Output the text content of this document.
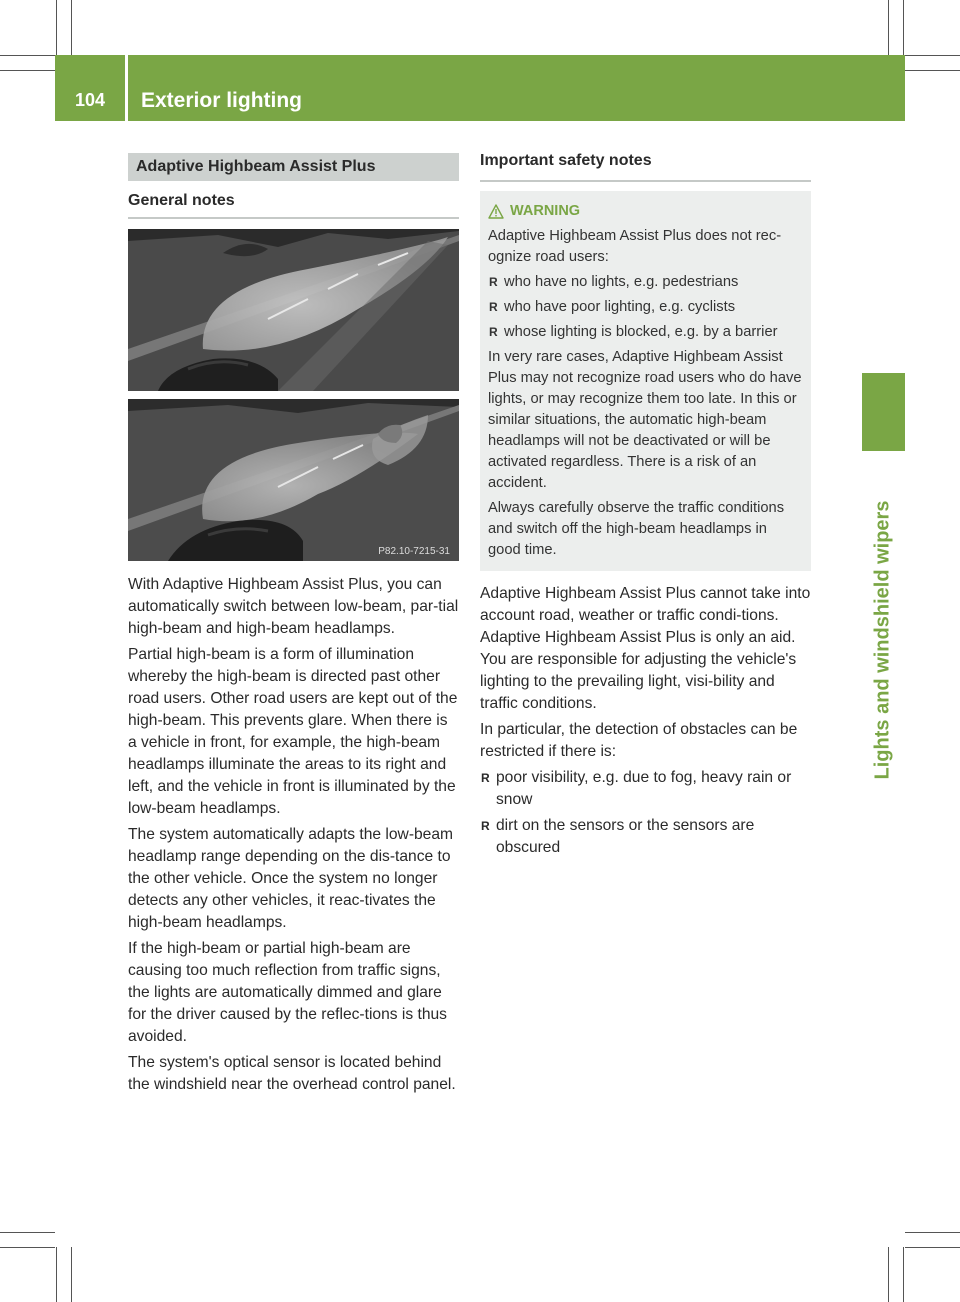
104	Exterior lighting
Lights and windshield wipers
Adaptive Highbeam Assist Plus
General notes
P82.10-7215-31

With Adaptive Highbeam Assist Plus, you can automatically switch between low-beam, par-tial high-beam and high-beam headlamps.

Partial high-beam is a form of illumination whereby the high-beam is directed past other road users. Other road users are kept out of the high-beam. This prevents glare. When there is a vehicle in front, for example, the high-beam headlamps illuminate the areas to its right and left, and the vehicle in front is illuminated by the low-beam headlamps.

The system automatically adapts the low-beam headlamp range depending on the dis-tance to the other vehicle. Once the system no longer detects any other vehicles, it reac-tivates the high-beam headlamps.

If the high-beam or partial high-beam are causing too much reflection from traffic signs, the lights are automatically dimmed and glare for the driver caused by the reflec-tions is thus avoided.

The system's optical sensor is located behind the windshield near the overhead control panel.

Important safety notes
WARNING

Adaptive Highbeam Assist Plus does not rec-ognize road users:

R who have no lights, e.g. pedestrians
R who have poor lighting, e.g. cyclists
R whose lighting is blocked, e.g. by a barrier

In very rare cases, Adaptive Highbeam Assist Plus may not recognize road users who do have lights, or may recognize them too late. In this or similar situations, the automatic high-beam headlamps will not be deactivated or will be activated regardless. There is a risk of an accident.

Always carefully observe the traffic conditions and switch off the high-beam headlamps in good time.

Adaptive Highbeam Assist Plus cannot take into account road, weather or traffic condi-tions. Adaptive Highbeam Assist Plus is only an aid. You are responsible for adjusting the vehicle's lighting to the prevailing light, visi-bility and traffic conditions.

In particular, the detection of obstacles can be restricted if there is:

R poor visibility, e.g. due to fog, heavy rain or snow
R dirt on the sensors or the sensors are obscured
